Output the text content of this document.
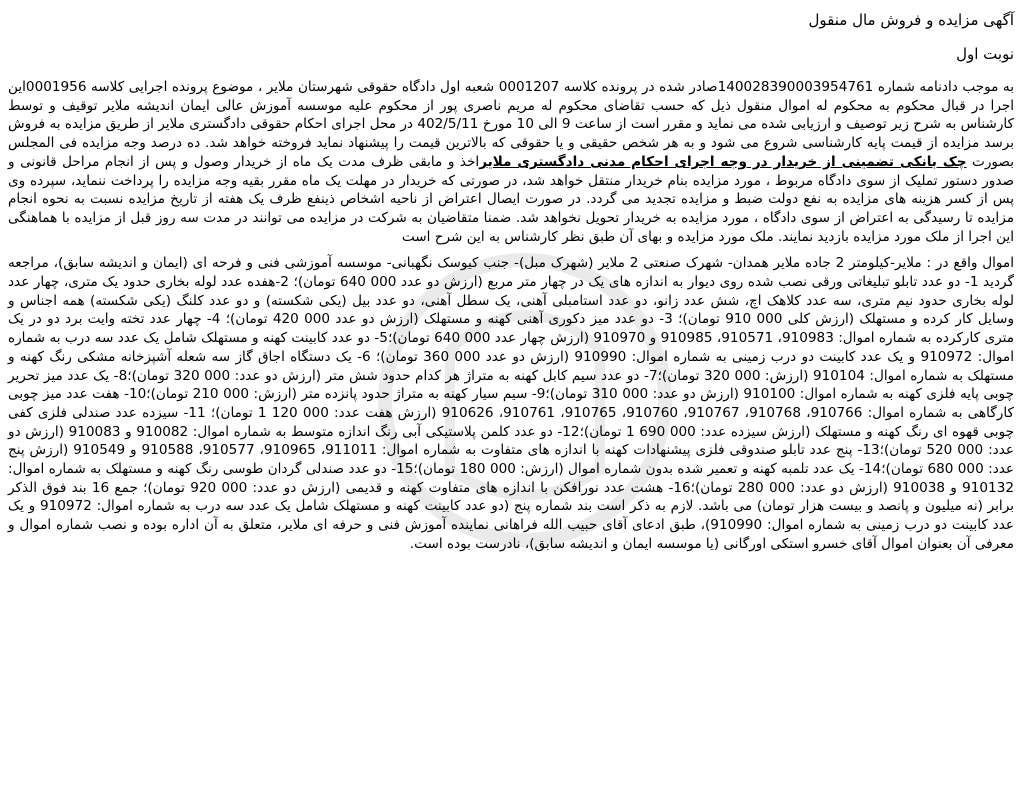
آگهی مزایده و فروش مال منقول
نوبت اول

به موجب دادنامه شماره 140028390003954761صادر شده در پرونده کلاسه 0001207 شعبه اول دادگاه حقوقی شهرستان ملایر ، موضوع پرونده اجرایی کلاسه 0001956این اجرا در قبال محکوم به محکوم له اموال منقول ذیل که حسب تقاضای محکوم له مریم ناصری پور از محکوم علیه موسسه آموزش عالی ایمان اندیشه ملایر توقیف و توسط کارشناس به شرح زیر توصیف و ارزیابی شده می نماید و مقرر است از ساعت 9 الی 10 مورخ 402/5/11 در محل اجرای احکام حقوقی دادگستری ملایر از طریق مزایده به فروش برسد مزایده از قیمت پایه کارشناسی شروع می شود و به هر شخص حقیقی و یا حقوقی که بالاترین قیمت را پیشنهاد نماید فروخته خواهد شد. ده درصد وجه مزایده فی المجلس بصورت چک بانکی تضمینی از خریدار در وجه اجرای احکام مدنی دادگستری ملایراخذ و مابقی ظرف مدت یک ماه از خریدار وصول و پس از انجام مراحل قانونی و صدور دستور تملیک از سوی دادگاه مربوط ، مورد مزایده بنام خریدار منتقل خواهد شد، در صورتی که خریدار در مهلت یک ماه مقرر بقیه وجه مزایده را پرداخت ننماید، سپرده وی پس از کسر هزینه های مزایده به نفع دولت ضبط و مزایده تجدید می گردد. در صورت ایصال اعتراض از ناحیه اشخاص ذینفع ظرف یک هفته از تاریخ مزایده نسبت به نحوه انجام مزایده تا رسیدگی به اعتراض از سوی دادگاه ، مورد مزایده به خریدار تحویل نخواهد شد. ضمنا متقاضیان به شرکت در مزایده می توانند در مدت سه روز قبل از مزایده با هماهنگی این اجرا از ملک مورد مزایده بازدید نمایند. ملک مورد مزایده و بهای آن طبق نظر کارشناس به این شرح است

اموال واقع در : ملایر-کیلومتر 2 جاده ملایر همدان- شهرک صنعتی 2 ملایر (شهرک مبل)- جنب کیوسک نگهبانی- موسسه آموزشی فنی و فرحه ای (ایمان و اندیشه سابق)، مراجعه گردید 1- دو عدد تابلو تبلیغاتی ورقی نصب شده روی دیوار به اندازه های یک در چهار متر مربع (ارزش دو عدد 000 640 تومان)؛ 2-هفده عدد لوله بخاری حدود یک متری، چهار عدد لوله بخاری حدود نیم متری، سه عدد کلاهک اچ، شش عدد زانو، دو عدد استامبلی آهنی، یک سطل آهنی، دو عدد بیل (یکی شکسته) و دو عدد کلنگ (یکی شکسته) همه اجناس و وسایل کار کرده و مستهلک (ارزش کلی 000 910 تومان)؛ 3- دو عدد میز دکوری آهنی کهنه و مستهلک (ارزش دو عدد 000 420 تومان)؛ 4- چهار عدد تخته وایت برد دو در یک متری کارکرده به شماره اموال: 910983، 910571، 910985 و 910970 (ارزش چهار عدد 000 640 تومان)؛5- دو عدد کابینت کهنه و مستهلک شامل یک عدد سه درب به شماره اموال: 910972 و یک عدد کابینت دو درب زمینی به شماره اموال: 910990 (ارزش دو عدد 000 360 تومان)؛ 6- یک دستگاه اجاق گاز سه شعله آشپزخانه مشکی رنگ کهنه و مستهلک به شماره اموال: 910104 (ارزش: 000 320 تومان)؛7- دو عدد سیم کابل کهنه به متراژ هر کدام حدود شش متر (ارزش دو عدد: 000 320 تومان)؛8- یک عدد میز تحریر چوبی پایه فلزی کهنه به شماره اموال: 910100 (ارزش دو عدد: 000 310 تومان)؛9- سیم سیار کهنه به متراژ حدود پانزده متر (ارزش: 000 210 تومان)؛10- هفت عدد میز چوبی کارگاهی به شماره اموال: 910766، 910768، 910767، 910760، 910765، 910761، 910626 (ارزش هفت عدد: 000 120 1 تومان)؛ 11- سیزده عدد صندلی فلزی کفی چوبی قهوه ای رنگ کهنه و مستهلک (ارزش سیزده عدد: 000 690 1 تومان)؛12- دو عدد کلمن پلاستیکی آبی رنگ اندازه متوسط به شماره اموال: 910082 و 910083 (ارزش دو عدد: 000 520 تومان)؛13- پنج عدد تابلو صندوقی فلزی پیشنهادات کهنه با اندازه های متفاوت به شماره اموال: 911011، 910965، 910577، 910588 و 910549 (ارزش پنج عدد: 000 680 تومان)؛14- یک عدد تلمبه کهنه و تعمیر شده بدون شماره اموال (ارزش: 000 180 تومان)؛15- دو عدد صندلی گردان طوسی رنگ کهنه و مستهلک به شماره اموال: 910132 و 910038 (ارزش دو عدد: 000 280 تومان)؛16- هشت عدد نورافکن با اندازه های متفاوت کهنه و قدیمی (ارزش دو عدد: 000 920 تومان)؛ جمع 16 بند فوق الذکر برابر (نه میلیون و پانصد و بیست هزار تومان) می باشد. لازم به ذکر است بند شماره پنج (دو عدد کابینت کهنه و مستهلک شامل یک عدد سه درب به شماره اموال: 910972 و یک عدد کابینت دو درب زمینی به شماره اموال: 910990)، طبق ادعای آقای حبیب الله فراهانی نماینده آموزش فنی و حرفه ای ملایر، متعلق به آن اداره بوده و نصب شماره اموال و معرفی آن بعنوان اموال آقای خسرو استکی اورگانی (یا موسسه ایمان و اندیشه سابق)، نادرست بوده است.
